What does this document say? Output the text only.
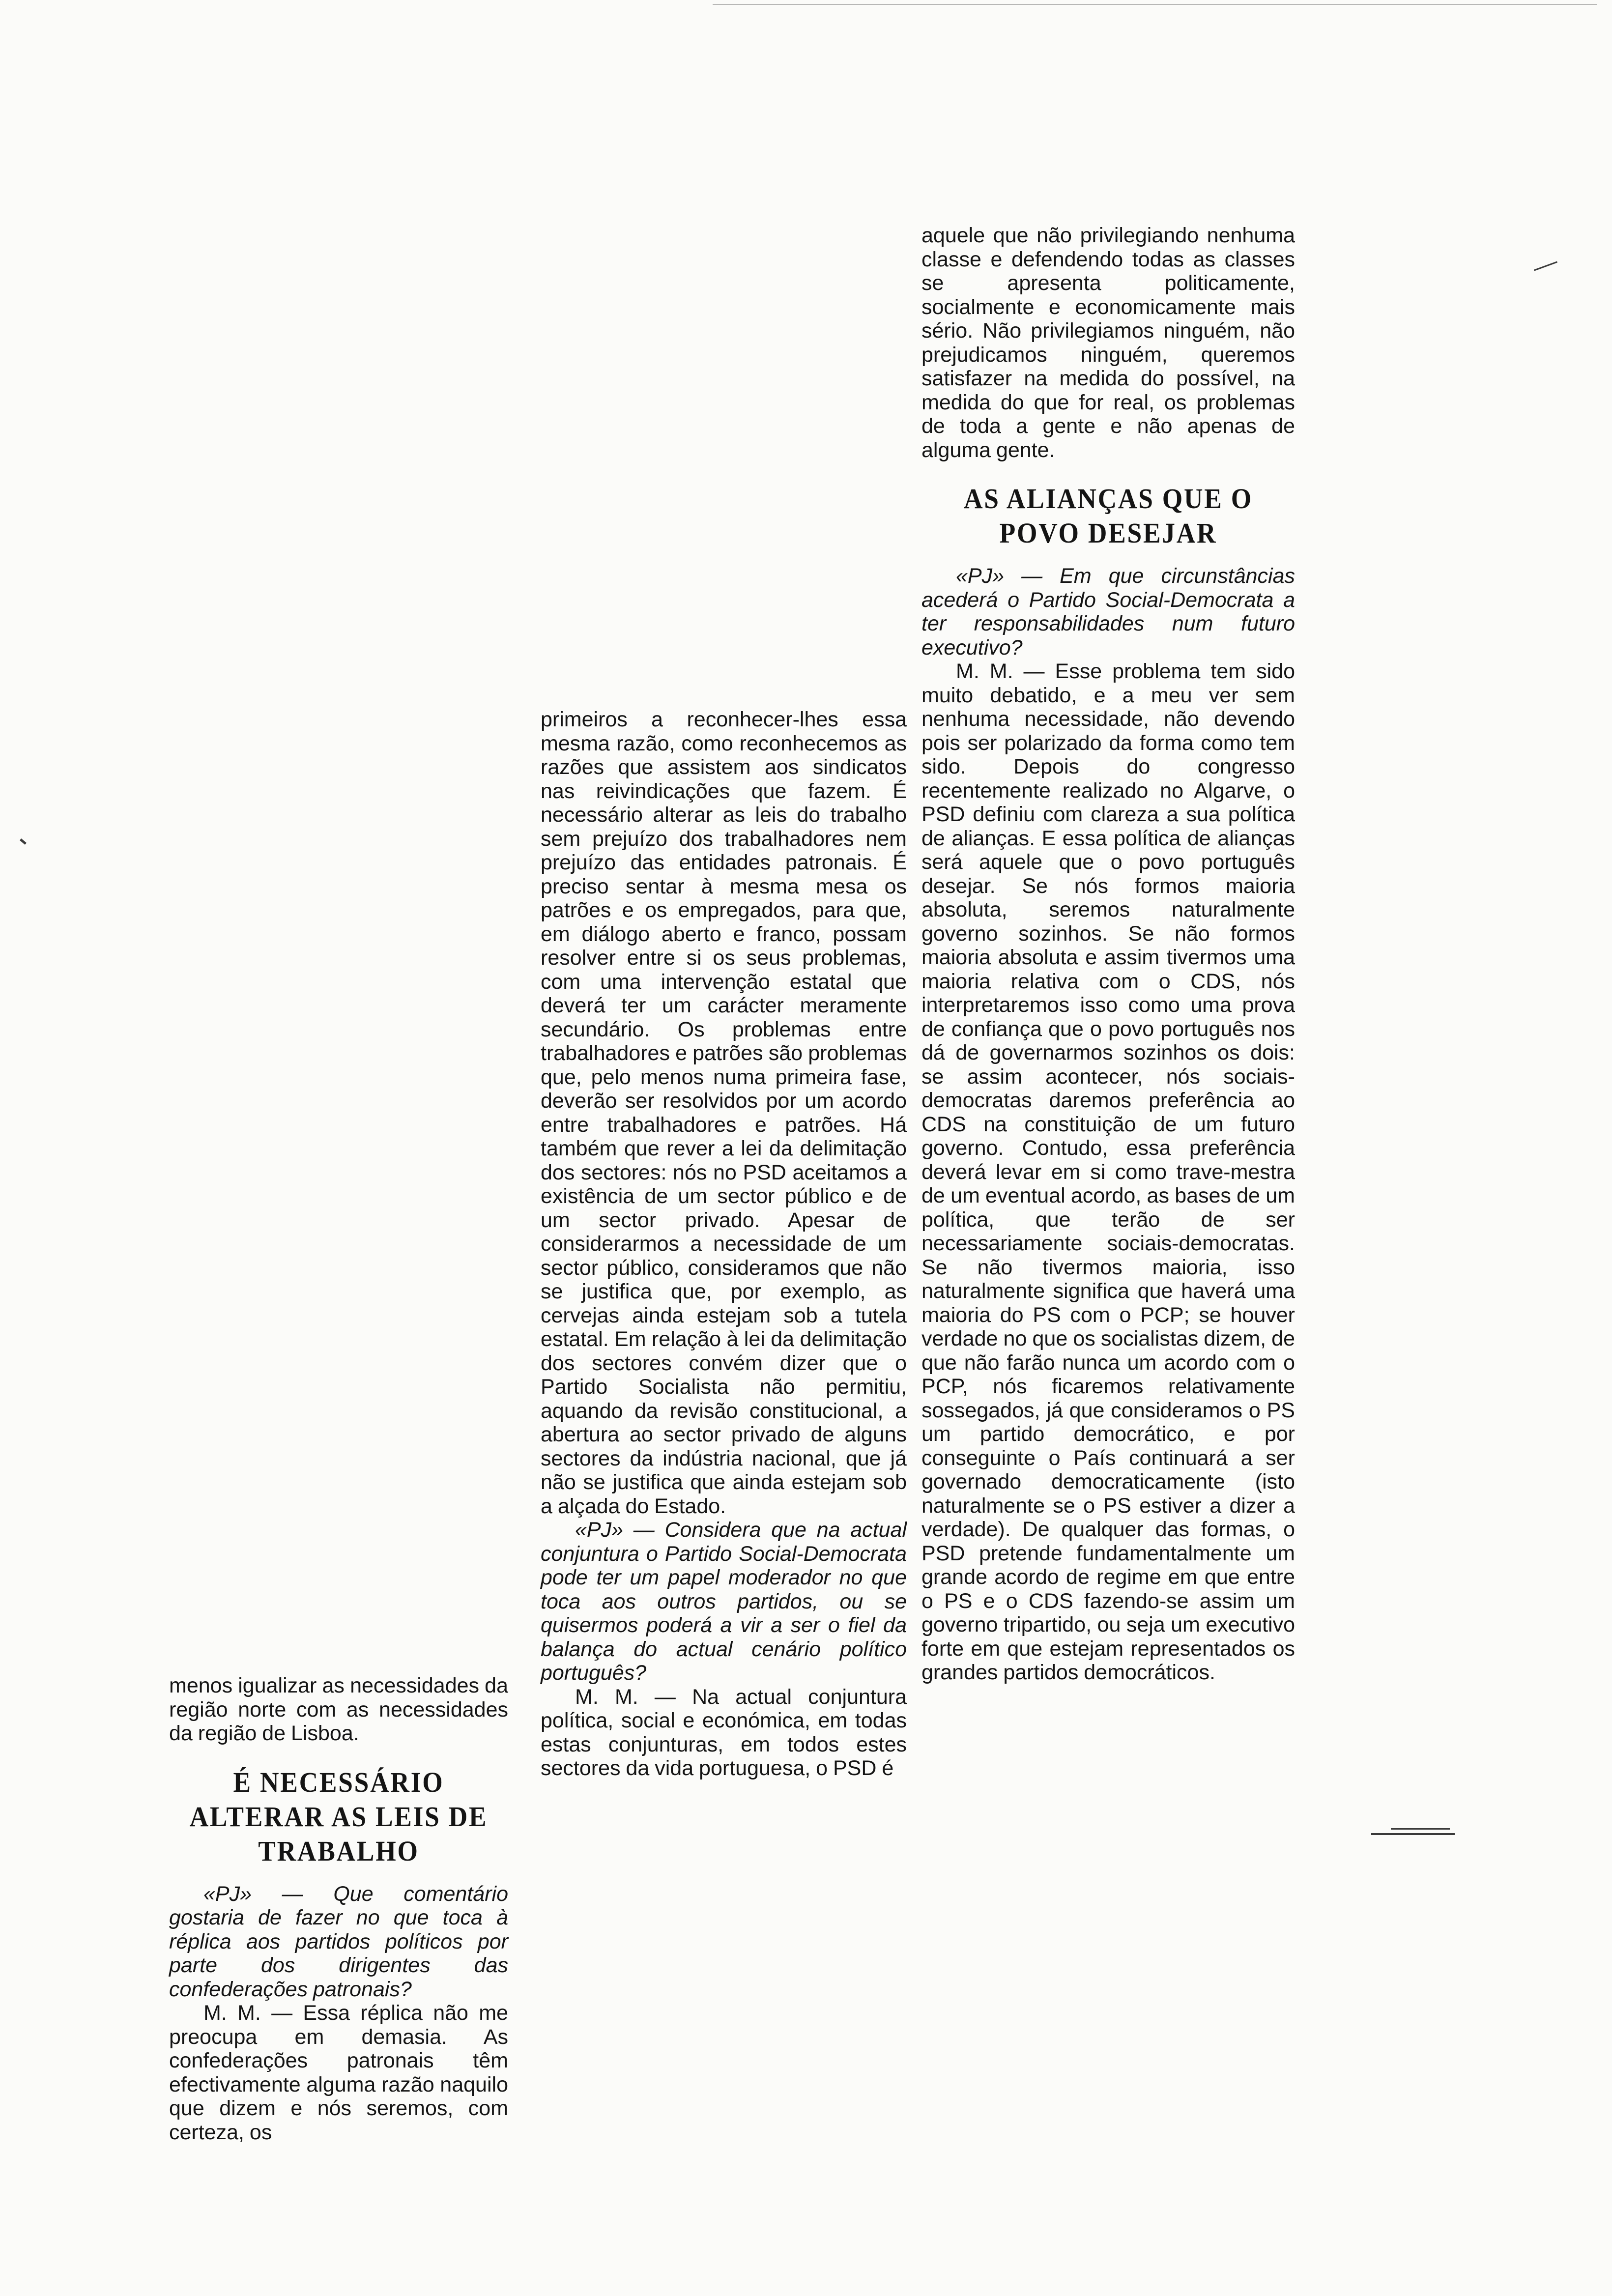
menos igualizar as necessidades da região norte com as necessidades da região de Lisboa.

É NECESSÁRIO ALTERAR AS LEIS DE TRABALHO

«PJ» — Que comentário gostaria de fazer no que toca à réplica aos partidos políticos por parte dos dirigentes das confederações patronais?

M. M. — Essa réplica não me preocupa em demasia. As confederações patronais têm efectivamente alguma razão naquilo que dizem e nós seremos, com certeza, os

primeiros a reconhecer-lhes essa mesma razão, como reconhecemos as razões que assistem aos sindicatos nas reivindicações que fazem. É necessário alterar as leis do trabalho sem prejuízo dos trabalhadores nem prejuízo das entidades patronais. É preciso sentar à mesma mesa os patrões e os empregados, para que, em diálogo aberto e franco, possam resolver entre si os seus problemas, com uma intervenção estatal que deverá ter um carácter meramente secundário. Os problemas entre trabalhadores e patrões são problemas que, pelo menos numa primeira fase, deverão ser resolvidos por um acordo entre trabalhadores e patrões. Há também que rever a lei da delimitação dos sectores: nós no PSD aceitamos a existência de um sector público e de um sector privado. Apesar de considerarmos a necessidade de um sector público, consideramos que não se justifica que, por exemplo, as cervejas ainda estejam sob a tutela estatal. Em relação à lei da delimitação dos sectores convém dizer que o Partido Socialista não permitiu, aquando da revisão constitucional, a abertura ao sector privado de alguns sectores da indústria nacional, que já não se justifica que ainda estejam sob a alçada do Estado.

«PJ» — Considera que na actual conjuntura o Partido Social-Democrata pode ter um papel moderador no que toca aos outros partidos, ou se quisermos poderá a vir a ser o fiel da balança do actual cenário político português?

M. M. — Na actual conjuntura política, social e económica, em todas estas conjunturas, em todos estes sectores da vida portuguesa, o PSD é

aquele que não privilegiando nenhuma classe e defendendo todas as classes se apresenta politicamente, socialmente e economicamente mais sério. Não privilegiamos ninguém, não prejudicamos ninguém, queremos satisfazer na medida do possível, na medida do que for real, os problemas de toda a gente e não apenas de alguma gente.

AS ALIANÇAS QUE O POVO DESEJAR

«PJ» — Em que circunstâncias acederá o Partido Social-Democrata a ter responsabilidades num futuro executivo?

M. M. — Esse problema tem sido muito debatido, e a meu ver sem nenhuma necessidade, não devendo pois ser polarizado da forma como tem sido. Depois do congresso recentemente realizado no Algarve, o PSD definiu com clareza a sua política de alianças. E essa política de alianças será aquele que o povo português desejar. Se nós formos maioria absoluta, seremos naturalmente governo sozinhos. Se não formos maioria absoluta e assim tivermos uma maioria relativa com o CDS, nós interpretaremos isso como uma prova de confiança que o povo português nos dá de governarmos sozinhos os dois: se assim acontecer, nós sociais-democratas daremos preferência ao CDS na constituição de um futuro governo. Contudo, essa preferência deverá levar em si como trave-mestra de um eventual acordo, as bases de um política, que terão de ser necessariamente sociais-democratas. Se não tivermos maioria, isso naturalmente significa que haverá uma maioria do PS com o PCP; se houver verdade no que os socialistas dizem, de que não farão nunca um acordo com o PCP, nós ficaremos relativamente sossegados, já que consideramos o PS um partido democrático, e por conseguinte o País continuará a ser governado democraticamente (isto naturalmente se o PS estiver a dizer a verdade). De qualquer das formas, o PSD pretende fundamentalmente um grande acordo de regime em que entre o PS e o CDS fazendo-se assim um governo tripartido, ou seja um executivo forte em que estejam representados os grandes partidos democráticos.
